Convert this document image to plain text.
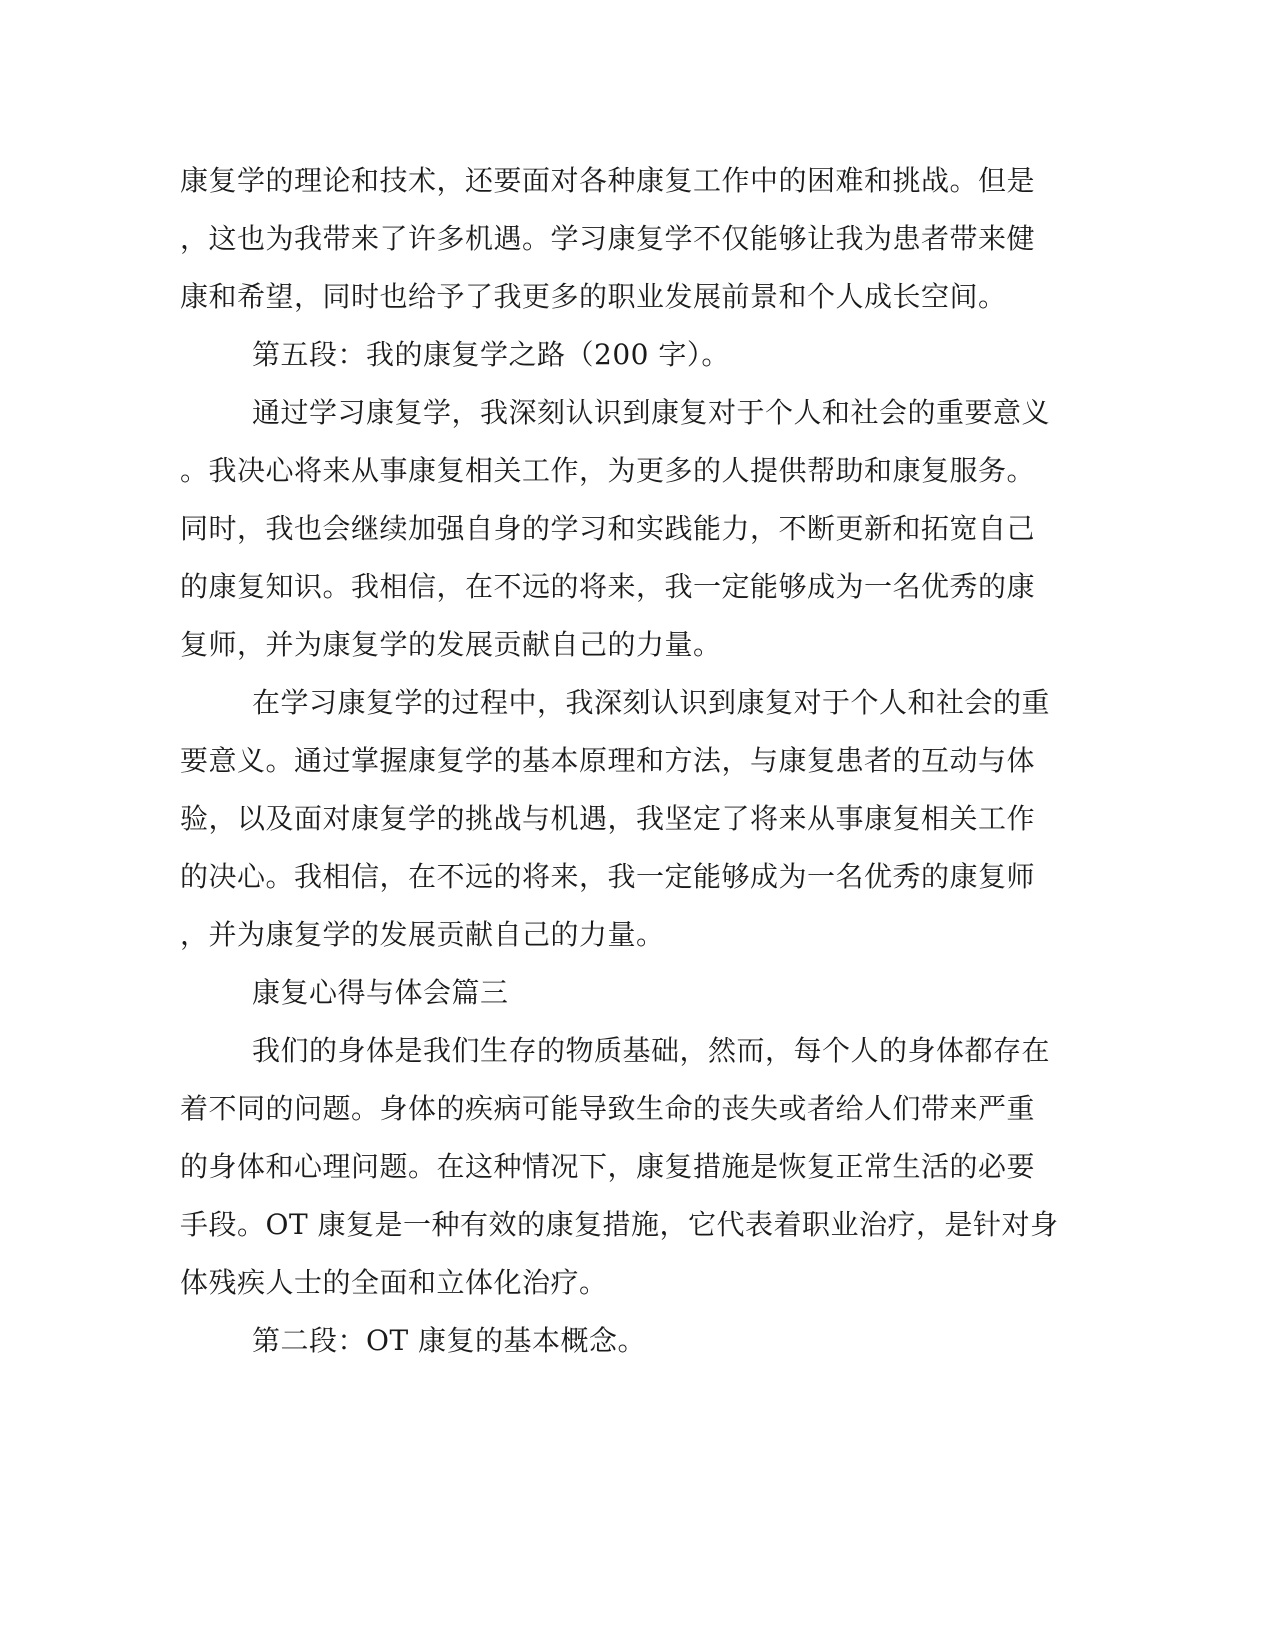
康复学的理论和技术，还要面对各种康复工作中的困难和挑战。但是
，这也为我带来了许多机遇。学习康复学不仅能够让我为患者带来健
康和希望，同时也给予了我更多的职业发展前景和个人成长空间。
第五段：我的康复学之路（200 字）。
通过学习康复学，我深刻认识到康复对于个人和社会的重要意义
。我决心将来从事康复相关工作，为更多的人提供帮助和康复服务。
同时，我也会继续加强自身的学习和实践能力，不断更新和拓宽自己
的康复知识。我相信，在不远的将来，我一定能够成为一名优秀的康
复师，并为康复学的发展贡献自己的力量。
在学习康复学的过程中，我深刻认识到康复对于个人和社会的重
要意义。通过掌握康复学的基本原理和方法，与康复患者的互动与体
验，以及面对康复学的挑战与机遇，我坚定了将来从事康复相关工作
的决心。我相信，在不远的将来，我一定能够成为一名优秀的康复师
，并为康复学的发展贡献自己的力量。
康复心得与体会篇三
我们的身体是我们生存的物质基础，然而，每个人的身体都存在
着不同的问题。身体的疾病可能导致生命的丧失或者给人们带来严重
的身体和心理问题。在这种情况下，康复措施是恢复正常生活的必要
手段。OT 康复是一种有效的康复措施，它代表着职业治疗，是针对身
体残疾人士的全面和立体化治疗。
第二段：OT 康复的基本概念。
